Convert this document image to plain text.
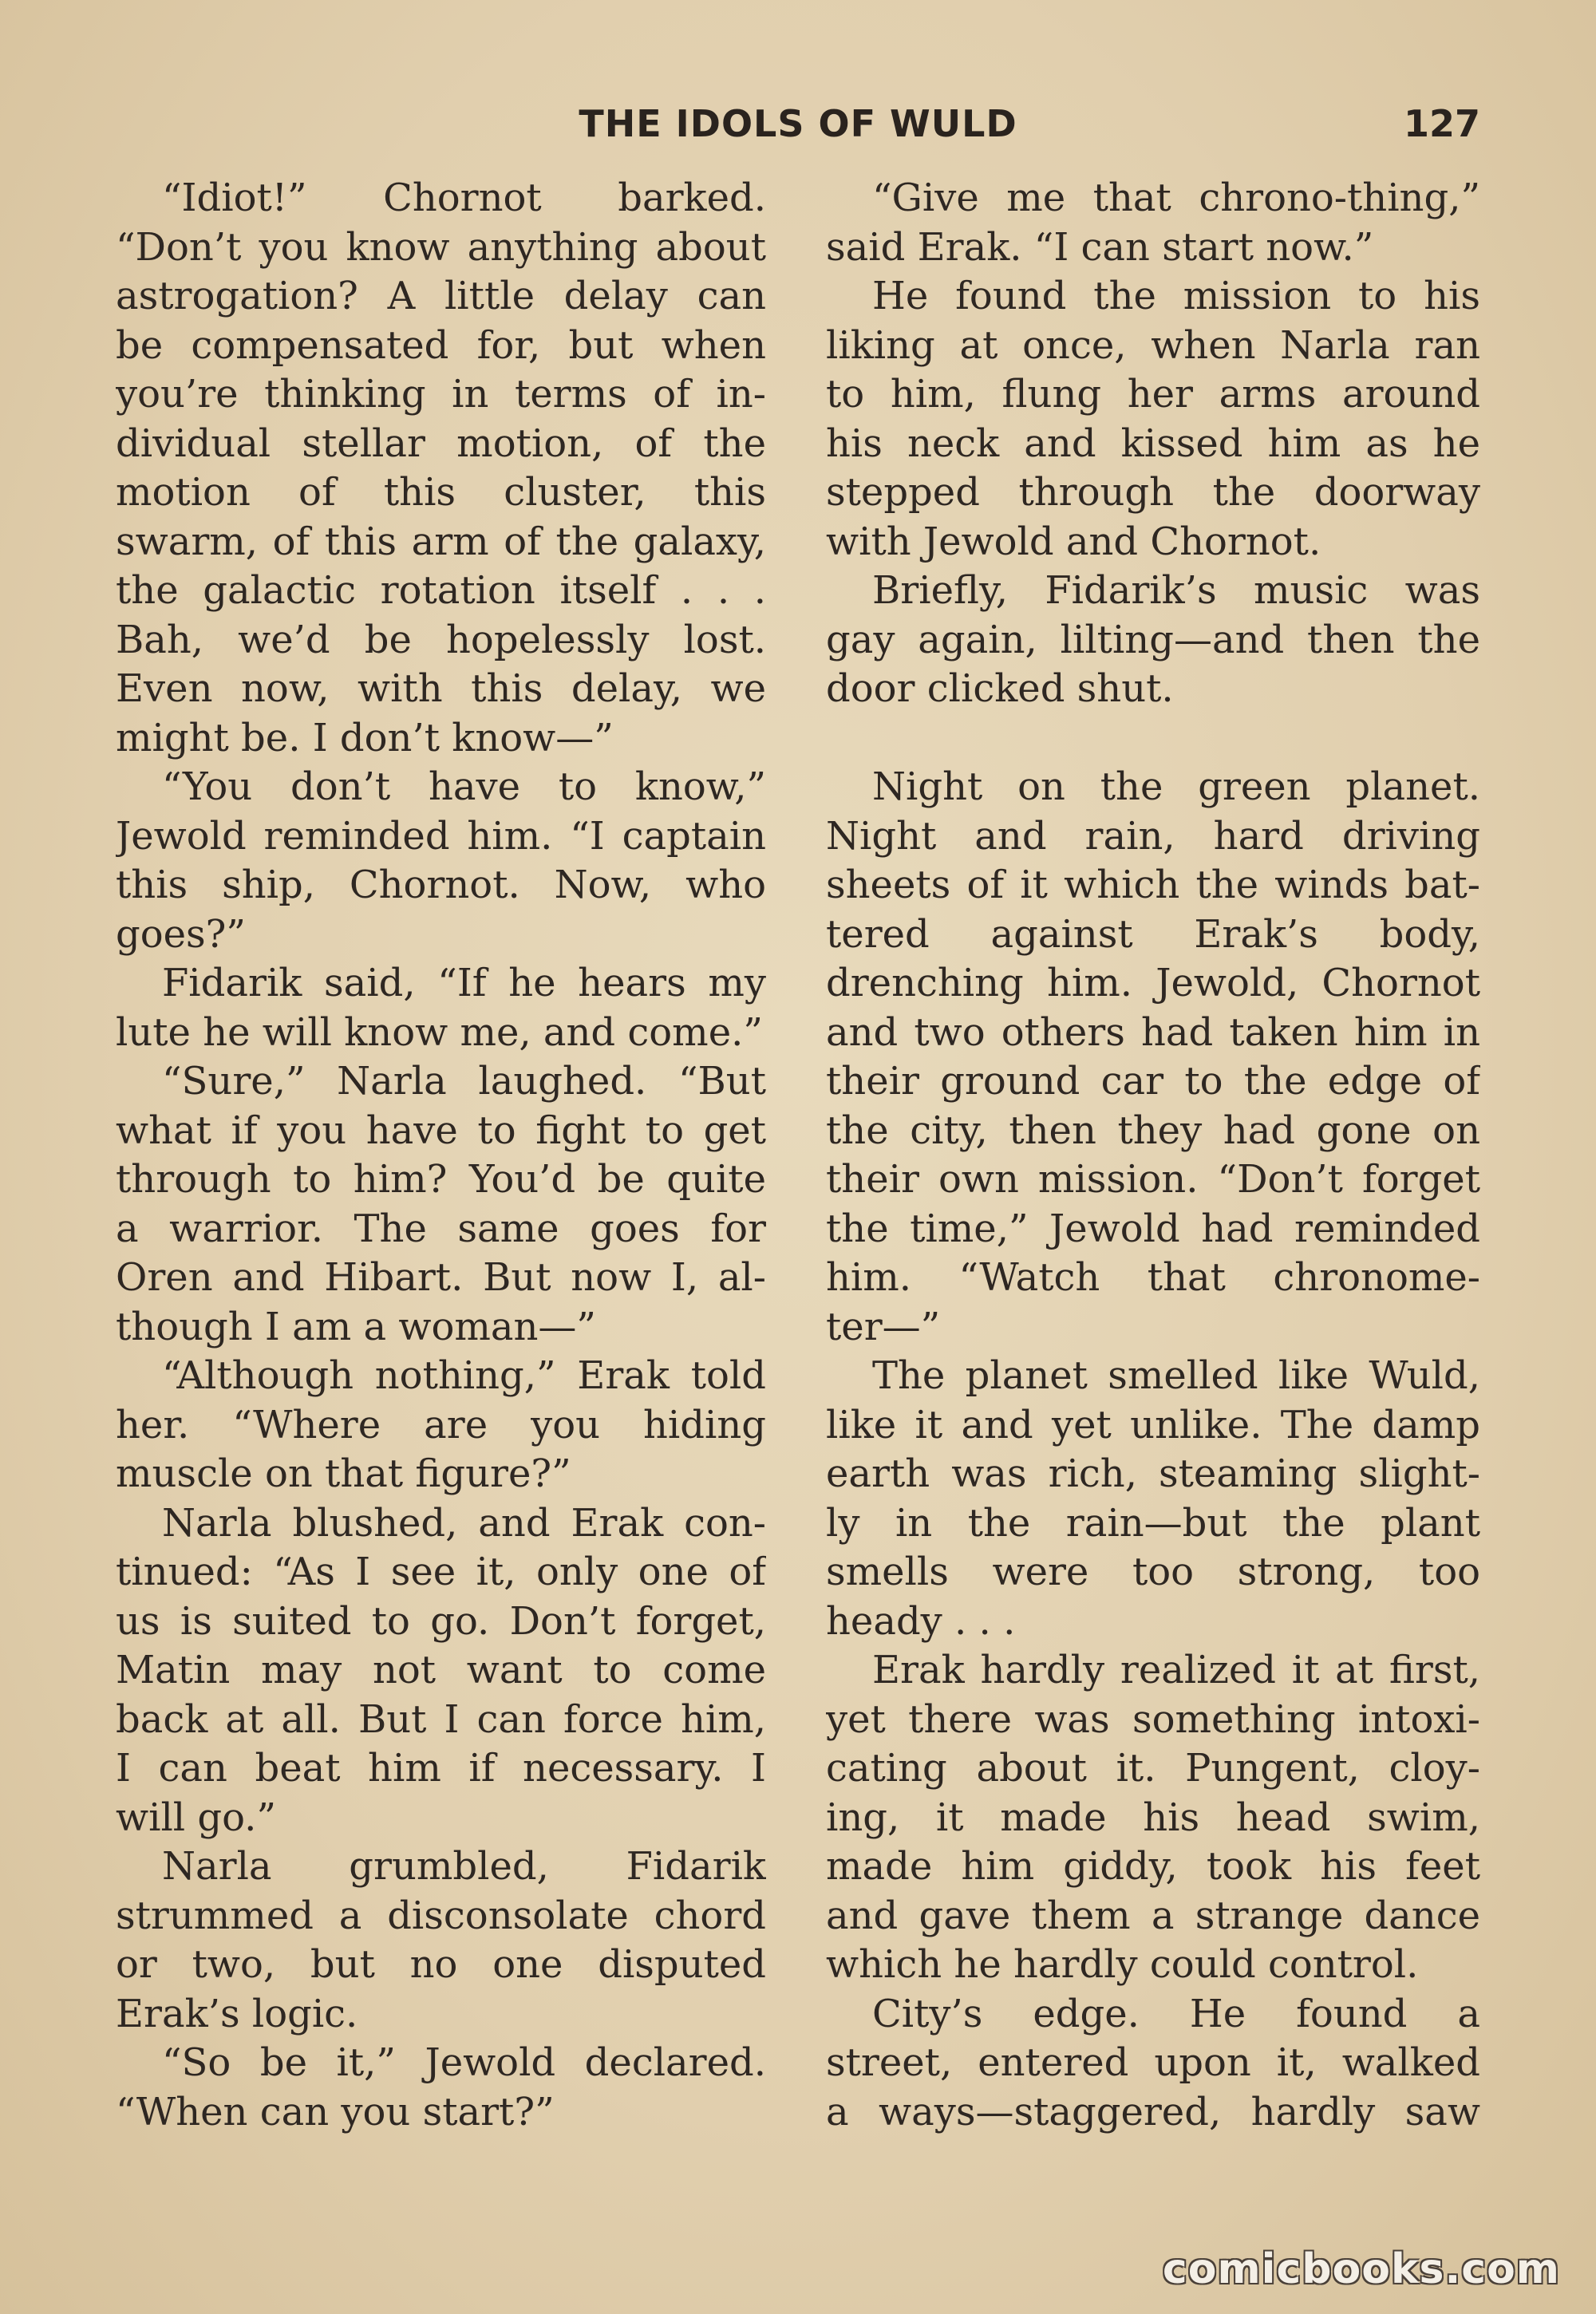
THE IDOLS OF WULD	127
“Idiot!” Chornot barked.
“Don’t you know anything about
astrogation? A little delay can
be compensated for, but when
you’re thinking in terms of in-
dividual stellar motion, of the
motion of this cluster, this
swarm, of this arm of the galaxy,
the galactic rotation itself . . .
Bah, we’d be hopelessly lost.
Even now, with this delay, we
might be. I don’t know—”
“You don’t have to know,”
Jewold reminded him. “I captain
this ship, Chornot. Now, who
goes?”
Fidarik said, “If he hears my
lute he will know me, and come.”
“Sure,” Narla laughed. “But
what if you have to fight to get
through to him? You’d be quite
a warrior. The same goes for
Oren and Hibart. But now I, al-
though I am a woman—”
“Although nothing,” Erak told
her. “Where are you hiding
muscle on that figure?”
Narla blushed, and Erak con-
tinued: “As I see it, only one of
us is suited to go. Don’t forget,
Matin may not want to come
back at all. But I can force him,
I can beat him if necessary. I
will go.”
Narla grumbled, Fidarik
strummed a disconsolate chord
or two, but no one disputed
Erak’s logic.
“So be it,” Jewold declared.
“When can you start?”
“Give me that chrono-thing,”
said Erak. “I can start now.”
He found the mission to his
liking at once, when Narla ran
to him, flung her arms around
his neck and kissed him as he
stepped through the doorway
with Jewold and Chornot.
Briefly, Fidarik’s music was
gay again, lilting—and then the
door clicked shut.
Night on the green planet.
Night and rain, hard driving
sheets of it which the winds bat-
tered against Erak’s body,
drenching him. Jewold, Chornot
and two others had taken him in
their ground car to the edge of
the city, then they had gone on
their own mission. “Don’t forget
the time,” Jewold had reminded
him. “Watch that chronome-
ter—”
The planet smelled like Wuld,
like it and yet unlike. The damp
earth was rich, steaming slight-
ly in the rain—but the plant
smells were too strong, too
heady . . .
Erak hardly realized it at first,
yet there was something intoxi-
cating about it. Pungent, cloy-
ing, it made his head swim,
made him giddy, took his feet
and gave them a strange dance
which he hardly could control.
City’s edge. He found a
street, entered upon it, walked
a ways—staggered, hardly saw
comicbooks.com
